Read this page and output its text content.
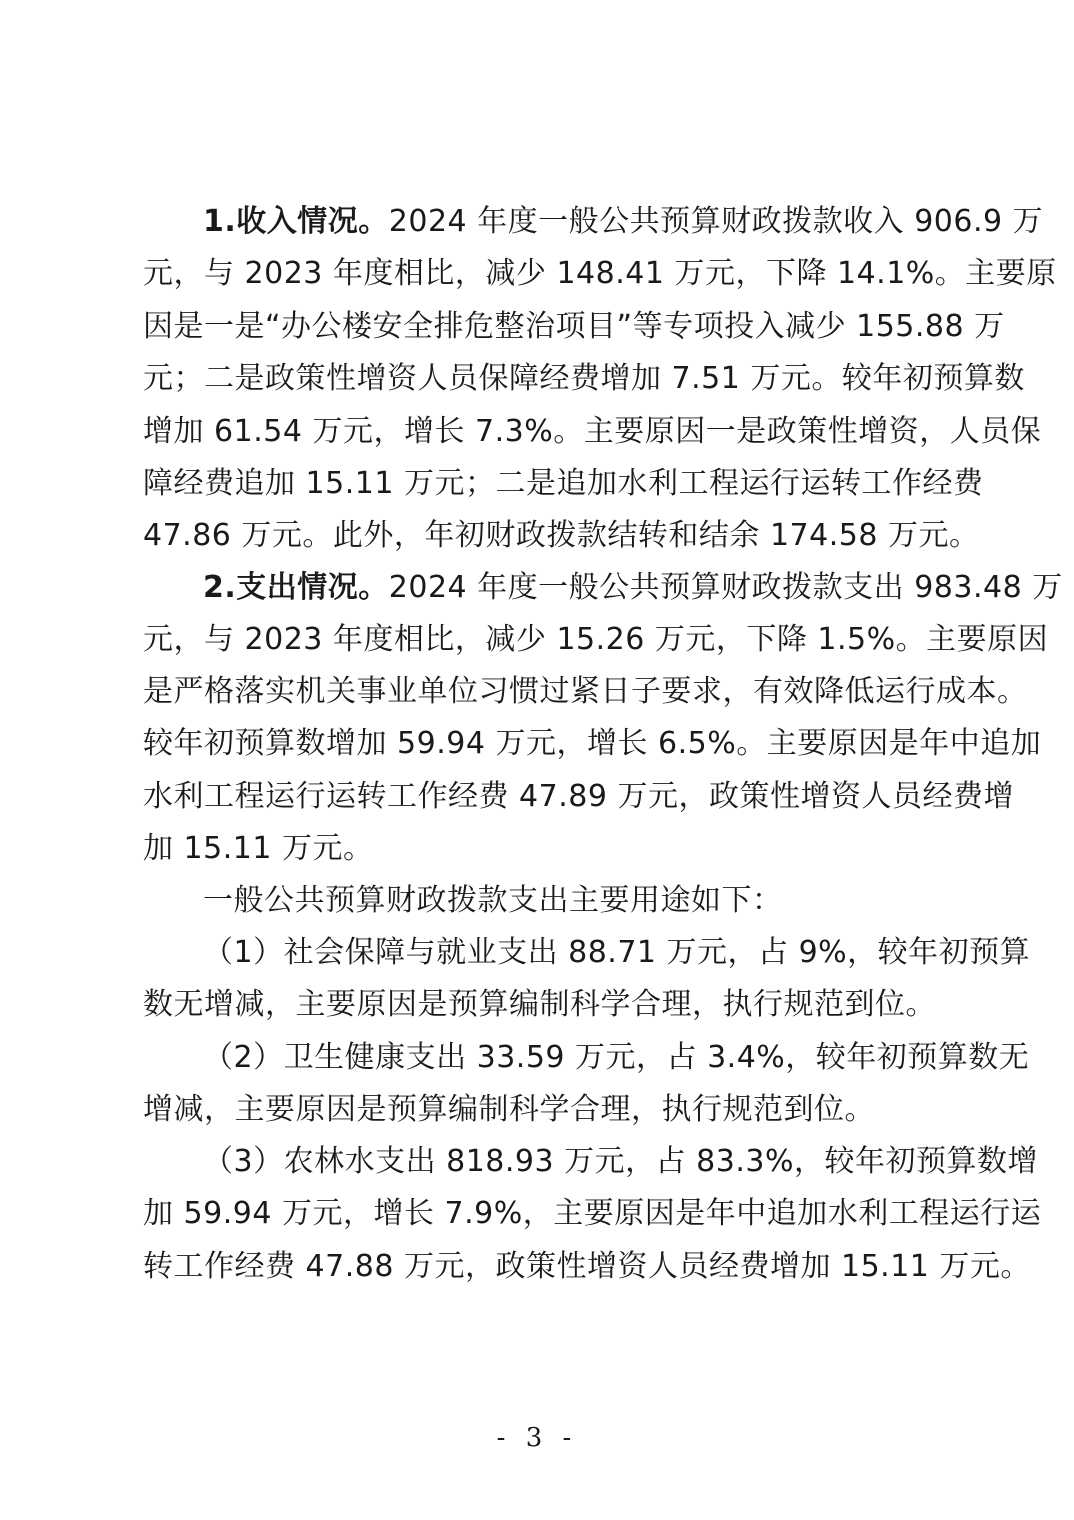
1.收入情况。2024 年度一般公共预算财政拨款收入 906.9 万
元，与 2023 年度相比，减少 148.41 万元，下降 14.1%。主要原
因是一是“办公楼安全排危整治项目”等专项投入减少 155.88 万
元；二是政策性增资人员保障经费增加 7.51 万元。较年初预算数
增加 61.54 万元，增长 7.3%。主要原因一是政策性增资，人员保
障经费追加 15.11 万元；二是追加水利工程运行运转工作经费
47.86 万元。此外，年初财政拨款结转和结余 174.58 万元。
2.支出情况。2024 年度一般公共预算财政拨款支出 983.48 万
元，与 2023 年度相比，减少 15.26 万元，下降 1.5%。主要原因
是严格落实机关事业单位习惯过紧日子要求，有效降低运行成本。
较年初预算数增加 59.94 万元，增长 6.5%。主要原因是年中追加
水利工程运行运转工作经费 47.89 万元，政策性增资人员经费增
加 15.11 万元。
一般公共预算财政拨款支出主要用途如下：
（1）社会保障与就业支出 88.71 万元，占 9%，较年初预算
数无增减，主要原因是预算编制科学合理，执行规范到位。
（2）卫生健康支出 33.59 万元，占 3.4%，较年初预算数无
增减，主要原因是预算编制科学合理，执行规范到位。
（3）农林水支出 818.93 万元，占 83.3%，较年初预算数增
加 59.94 万元，增长 7.9%，主要原因是年中追加水利工程运行运
转工作经费 47.88 万元，政策性增资人员经费增加 15.11 万元。
- 3 -
